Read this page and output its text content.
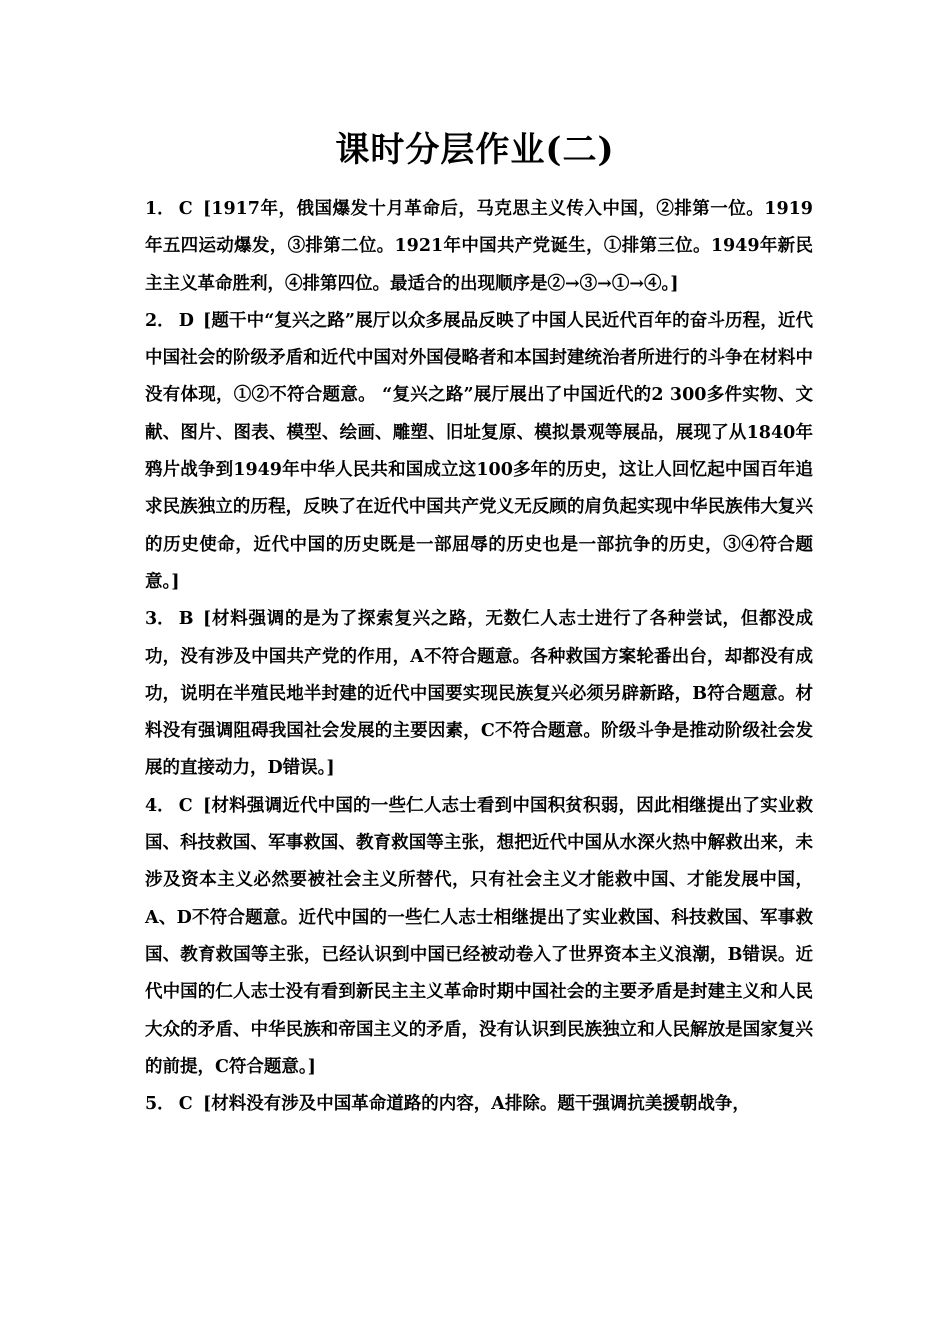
课时分层作业(二)

1． C [1917年，俄国爆发十月革命后，马克思主义传入中国，②排第一位。1919年五四运动爆发，③排第二位。1921年中国共产党诞生，①排第三位。1949年新民主主义革命胜利，④排第四位。最适合的出现顺序是②→③→①→④。]

2． D [题干中“复兴之路”展厅以众多展品反映了中国人民近代百年的奋斗历程，近代中国社会的阶级矛盾和近代中国对外国侵略者和本国封建统治者所进行的斗争在材料中没有体现，①②不符合题意。 “复兴之路”展厅展出了中国近代的2 300多件实物、文献、图片、图表、模型、绘画、雕塑、旧址复原、模拟景观等展品，展现了从1840年鸦片战争到1949年中华人民共和国成立这100多年的历史，这让人回忆起中国百年追求民族独立的历程，反映了在近代中国共产党义无反顾的肩负起实现中华民族伟大复兴的历史使命，近代中国的历史既是一部屈辱的历史也是一部抗争的历史，③④符合题意。]

3． B [材料强调的是为了探索复兴之路，无数仁人志士进行了各种尝试，但都没成功，没有涉及中国共产党的作用，A不符合题意。各种救国方案轮番出台，却都没有成功，说明在半殖民地半封建的近代中国要实现民族复兴必须另辟新路，B符合题意。材料没有强调阻碍我国社会发展的主要因素，C不符合题意。阶级斗争是推动阶级社会发展的直接动力，D错误。]

4． C [材料强调近代中国的一些仁人志士看到中国积贫积弱，因此相继提出了实业救国、科技救国、军事救国、教育救国等主张，想把近代中国从水深火热中解救出来，未涉及资本主义必然要被社会主义所替代，只有社会主义才能救中国、才能发展中国，A、D不符合题意。近代中国的一些仁人志士相继提出了实业救国、科技救国、军事救国、教育救国等主张，已经认识到中国已经被动卷入了世界资本主义浪潮，B错误。近代中国的仁人志士没有看到新民主主义革命时期中国社会的主要矛盾是封建主义和人民大众的矛盾、中华民族和帝国主义的矛盾，没有认识到民族独立和人民解放是国家复兴的前提，C符合题意。]

5． C [材料没有涉及中国革命道路的内容，A排除。题干强调抗美援朝战争，
